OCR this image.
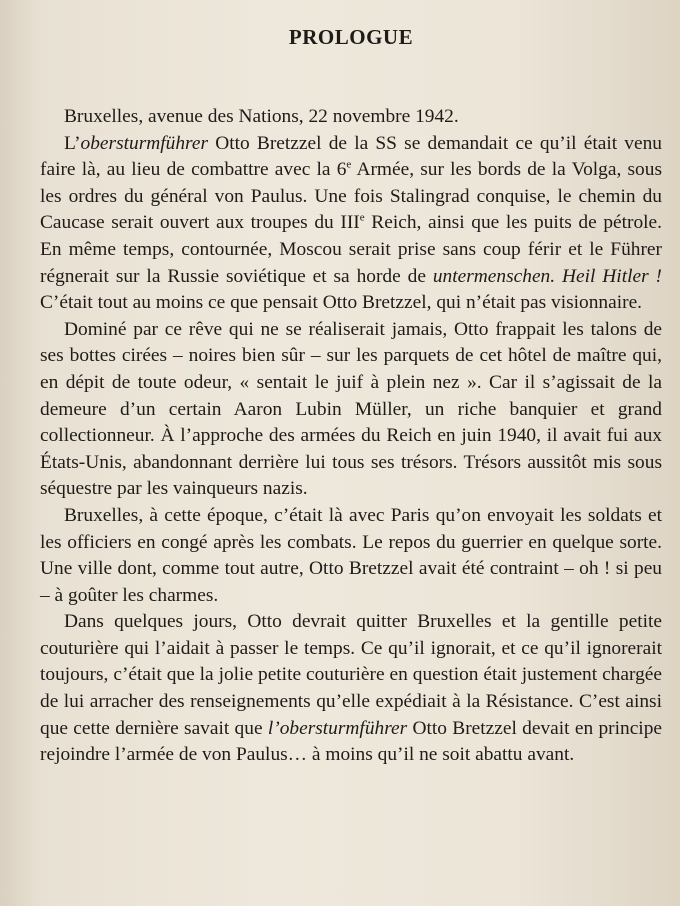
PROLOGUE

Bruxelles, avenue des Nations, 22 novembre 1942.

L’obersturmführer Otto Bretzzel de la SS se demandait ce qu’il était venu faire là, au lieu de combattre avec la 6e Armée, sur les bords de la Volga, sous les ordres du général von Paulus. Une fois Stalingrad conquise, le chemin du Caucase serait ouvert aux troupes du IIIe Reich, ainsi que les puits de pétrole. En même temps, contournée, Moscou serait prise sans coup férir et le Führer régnerait sur la Russie soviétique et sa horde de untermenschen. Heil Hitler ! C’était tout au moins ce que pensait Otto Bretzzel, qui n’était pas visionnaire.

Dominé par ce rêve qui ne se réaliserait jamais, Otto frappait les talons de ses bottes cirées – noires bien sûr – sur les parquets de cet hôtel de maître qui, en dépit de toute odeur, « sentait le juif à plein nez ». Car il s’agissait de la demeure d’un certain Aaron Lubin Müller, un riche banquier et grand collectionneur. À l’approche des armées du Reich en juin 1940, il avait fui aux États-Unis, abandonnant derrière lui tous ses trésors. Trésors aussitôt mis sous séquestre par les vainqueurs nazis.

Bruxelles, à cette époque, c’était là avec Paris qu’on envoyait les soldats et les officiers en congé après les combats. Le repos du guerrier en quelque sorte. Une ville dont, comme tout autre, Otto Bretzzel avait été contraint – oh ! si peu – à goûter les charmes.

Dans quelques jours, Otto devrait quitter Bruxelles et la gentille petite couturière qui l’aidait à passer le temps. Ce qu’il ignorait, et ce qu’il ignorerait toujours, c’était que la jolie petite couturière en question était justement chargée de lui arracher des renseignements qu’elle expédiait à la Résistance. C’est ainsi que cette dernière savait que l’obersturmführer Otto Bretzzel devait en principe rejoindre l’armée de von Paulus… à moins qu’il ne soit abattu avant.
